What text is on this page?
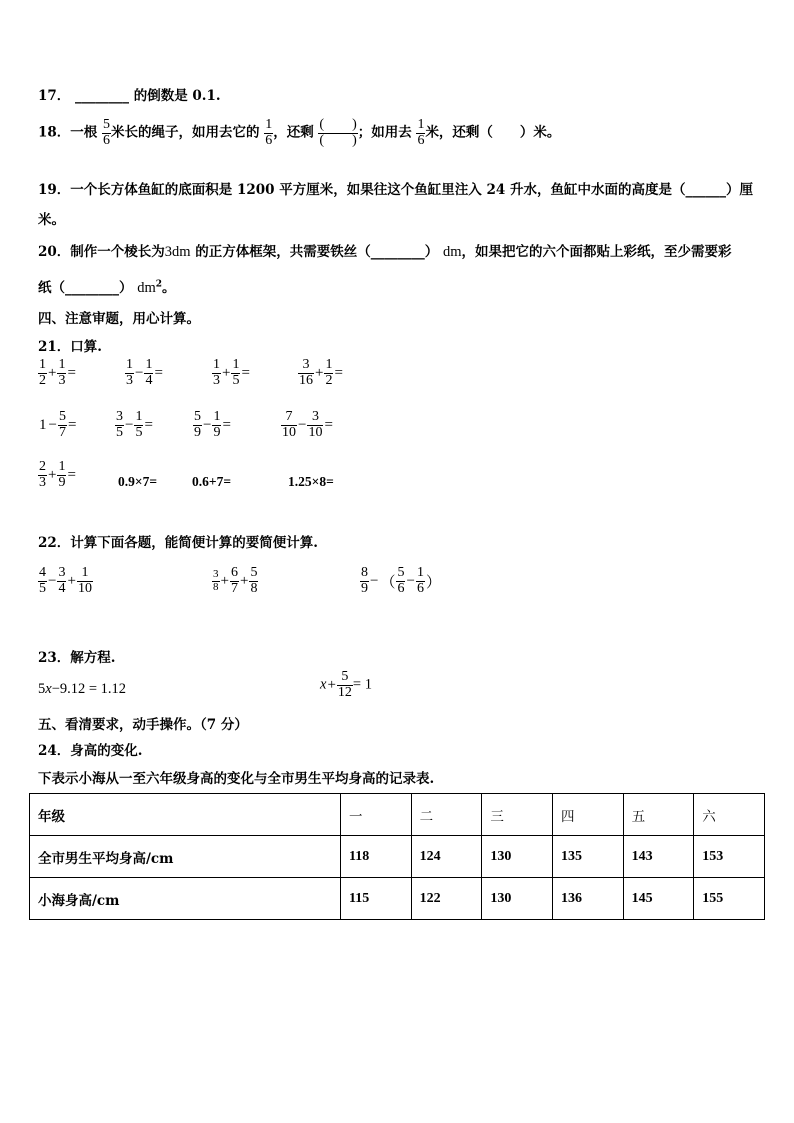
17． ________ 的倒数是 0.1.
18．一根 $\frac{5}{6}$ 米长的绳子，如用去它的 $\frac{1}{6}$ ，还剩
(　　)
(　　) ；如用去 $\frac{1}{6}$ 米，还剩（　　）米。
19．一个长方体鱼缸的底面积是 1200 平方厘米，如果往这个鱼缸里注入 24 升水，鱼缸中水面的高度是（______）厘
米。
20．制作一个棱长为3dm 的正方体框架，共需要铁丝（________） dm，如果把它的六个面都贴上彩纸，至少需要彩
纸（________） $dm^2$。
四、注意审题，用心计算。
21．口算.
$\frac{1}{2} + \frac{1}{3}$ =	$\frac{1}{3} - \frac{1}{4}$ =	$\frac{1}{3} + \frac{1}{5}$ =	$\frac{3}{16} + \frac{1}{2}$ =
$1 - \frac{5}{7}$ =	$\frac{3}{5} - \frac{1}{5}$ =	$\frac{5}{9} - \frac{1}{9}$ =	$\frac{7}{10} - \frac{3}{10}$ =
$\frac{2}{3} + \frac{1}{9}$ =	0.9×7=	0.6+7=	1.25×8=
22．计算下面各题，能简便计算的要简便计算.
$\frac{4}{5} - \frac{3}{4} + \frac{1}{10}$	$\frac{3}{8} + \frac{6}{7} + \frac{5}{8}$	$\frac{8}{9}$ − （ $\frac{5}{6} - \frac{1}{6}$ ）
23．解方程.
5x−9.12 = 1.12	$x+ \frac{5}{12} = 1$
五、看清要求，动手操作。（7 分）
24．身高的变化.
下表示小海从一至六年级身高的变化与全市男生平均身高的记录表.
年级	一	二	三	四	五	六
全市男生平均身高/cm	118	124	130	135	143	153
小海身高/cm	115	122	130	136	145	155
